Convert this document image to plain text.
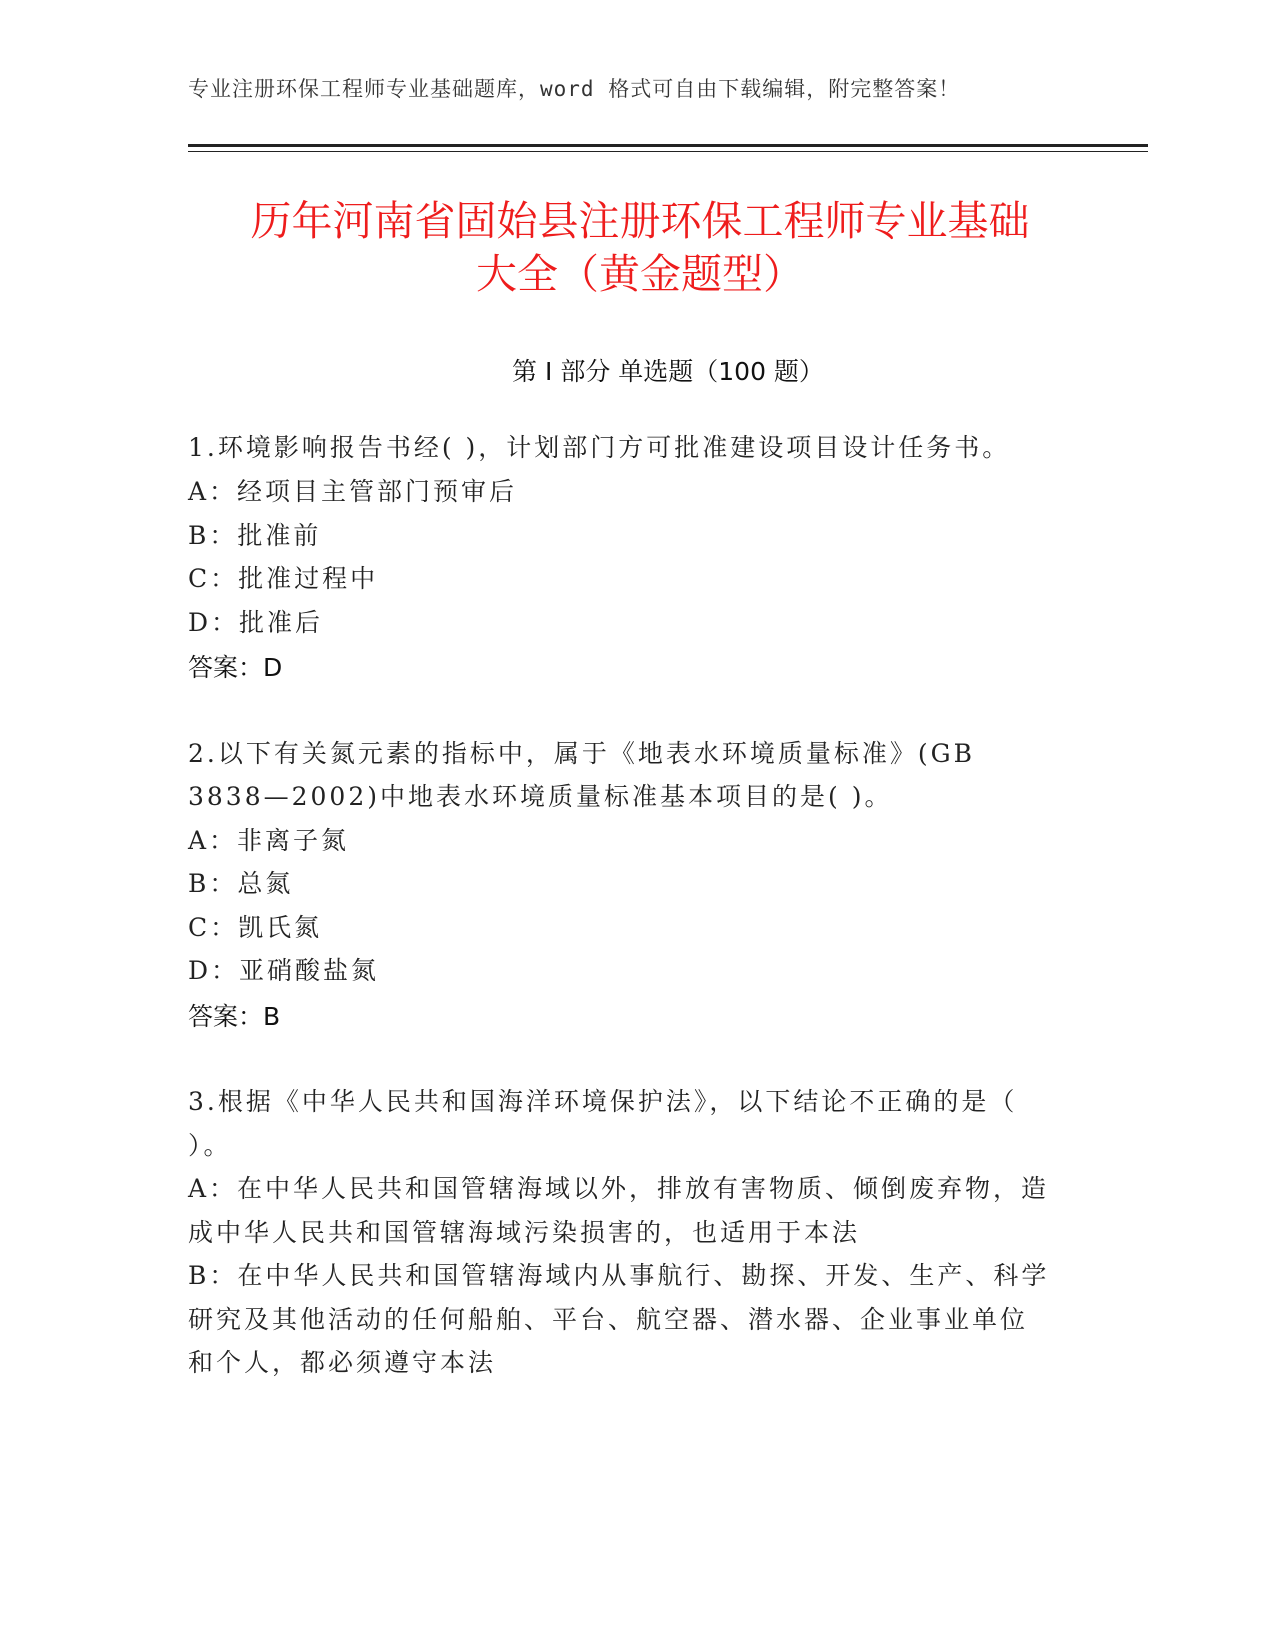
专业注册环保工程师专业基础题库，word 格式可自由下载编辑，附完整答案！
历年河南省固始县注册环保工程师专业基础
大全（黄金题型）
第 I 部分 单选题（100 题）
1.环境影响报告书经( )，计划部门方可批准建设项目设计任务书。
A：经项目主管部门预审后
B：批准前
C：批准过程中
D：批准后
答案：D
2.以下有关氮元素的指标中，属于《地表水环境质量标准》(GB
3838—2002)中地表水环境质量标准基本项目的是( )。
A：非离子氮
B：总氮
C：凯氏氮
D：亚硝酸盐氮
答案：B
3.根据《中华人民共和国海洋环境保护法》，以下结论不正确的是（
）。
A：在中华人民共和国管辖海域以外，排放有害物质、倾倒废弃物，造
成中华人民共和国管辖海域污染损害的，也适用于本法
B：在中华人民共和国管辖海域内从事航行、勘探、开发、生产、科学
研究及其他活动的任何船舶、平台、航空器、潜水器、企业事业单位
和个人，都必须遵守本法
